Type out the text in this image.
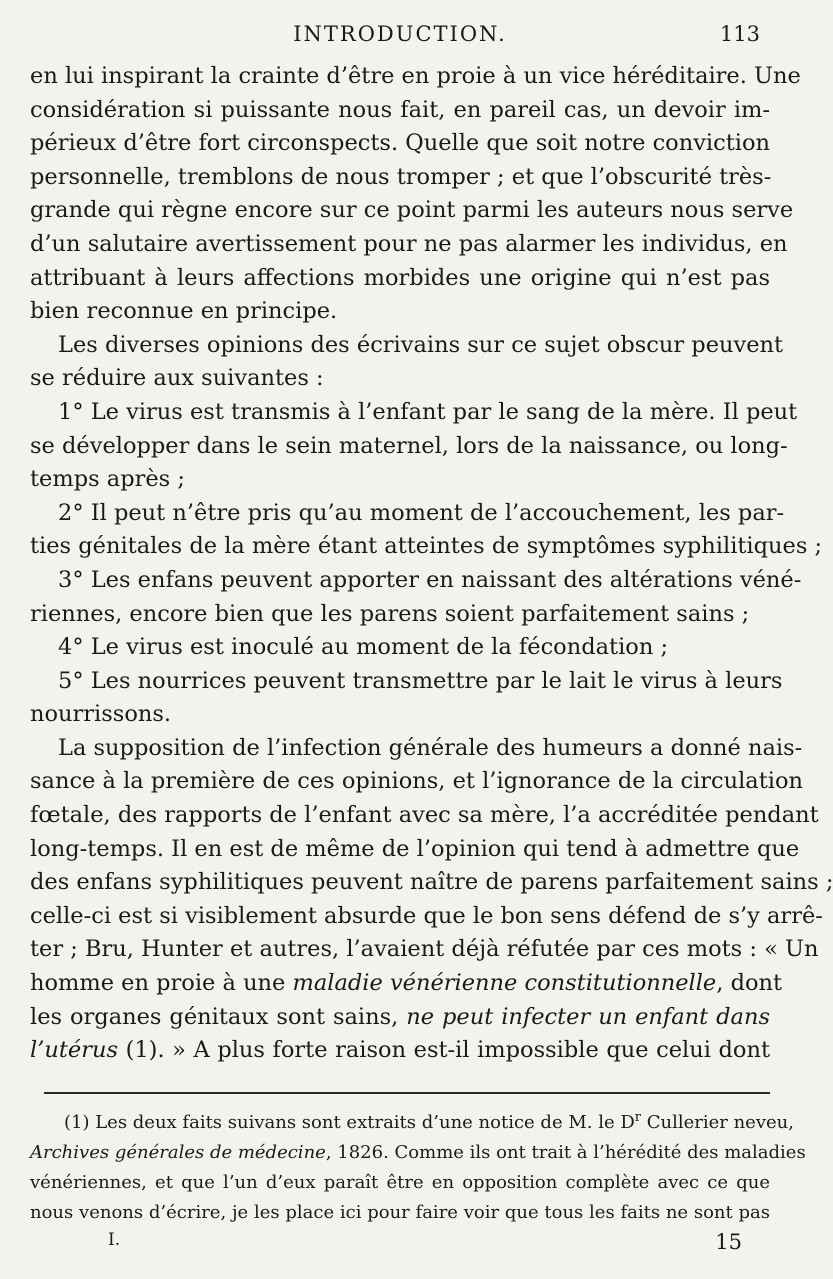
INTRODUCTION.	113
en lui inspirant la crainte d’être en proie à un vice héréditaire. Une
considération si puissante nous fait, en pareil cas, un devoir im-
périeux d’être fort circonspects. Quelle que soit notre conviction
personnelle, tremblons de nous tromper ; et que l’obscurité très-
grande qui règne encore sur ce point parmi les auteurs nous serve
d’un salutaire avertissement pour ne pas alarmer les individus, en
attribuant à leurs affections morbides une origine qui n’est pas
bien reconnue en principe.
Les diverses opinions des écrivains sur ce sujet obscur peuvent
se réduire aux suivantes :
1° Le virus est transmis à l’enfant par le sang de la mère. Il peut
se développer dans le sein maternel, lors de la naissance, ou long-
temps après ;
2° Il peut n’être pris qu’au moment de l’accouchement, les par-
ties génitales de la mère étant atteintes de symptômes syphilitiques ;
3° Les enfans peuvent apporter en naissant des altérations véné-
riennes, encore bien que les parens soient parfaitement sains ;
4° Le virus est inoculé au moment de la fécondation ;
5° Les nourrices peuvent transmettre par le lait le virus à leurs
nourrissons.
La supposition de l’infection générale des humeurs a donné nais-
sance à la première de ces opinions, et l’ignorance de la circulation
fœtale, des rapports de l’enfant avec sa mère, l’a accréditée pendant
long-temps. Il en est de même de l’opinion qui tend à admettre que
des enfans syphilitiques peuvent naître de parens parfaitement sains ;
celle-ci est si visiblement absurde que le bon sens défend de s’y arrê-
ter ; Bru, Hunter et autres, l’avaient déjà réfutée par ces mots : « Un
homme en proie à une maladie vénérienne constitutionnelle, dont
les organes génitaux sont sains, ne peut infecter un enfant dans
l’utérus (1). » A plus forte raison est-il impossible que celui dont
(1) Les deux faits suivans sont extraits d’une notice de M. le $D^r$ Cullerier neveu,
Archives générales de médecine, 1826. Comme ils ont trait à l’hérédité des maladies
vénériennes, et que l’un d’eux paraît être en opposition complète avec ce que
nous venons d’écrire, je les place ici pour faire voir que tous les faits ne sont pas
I.	15
